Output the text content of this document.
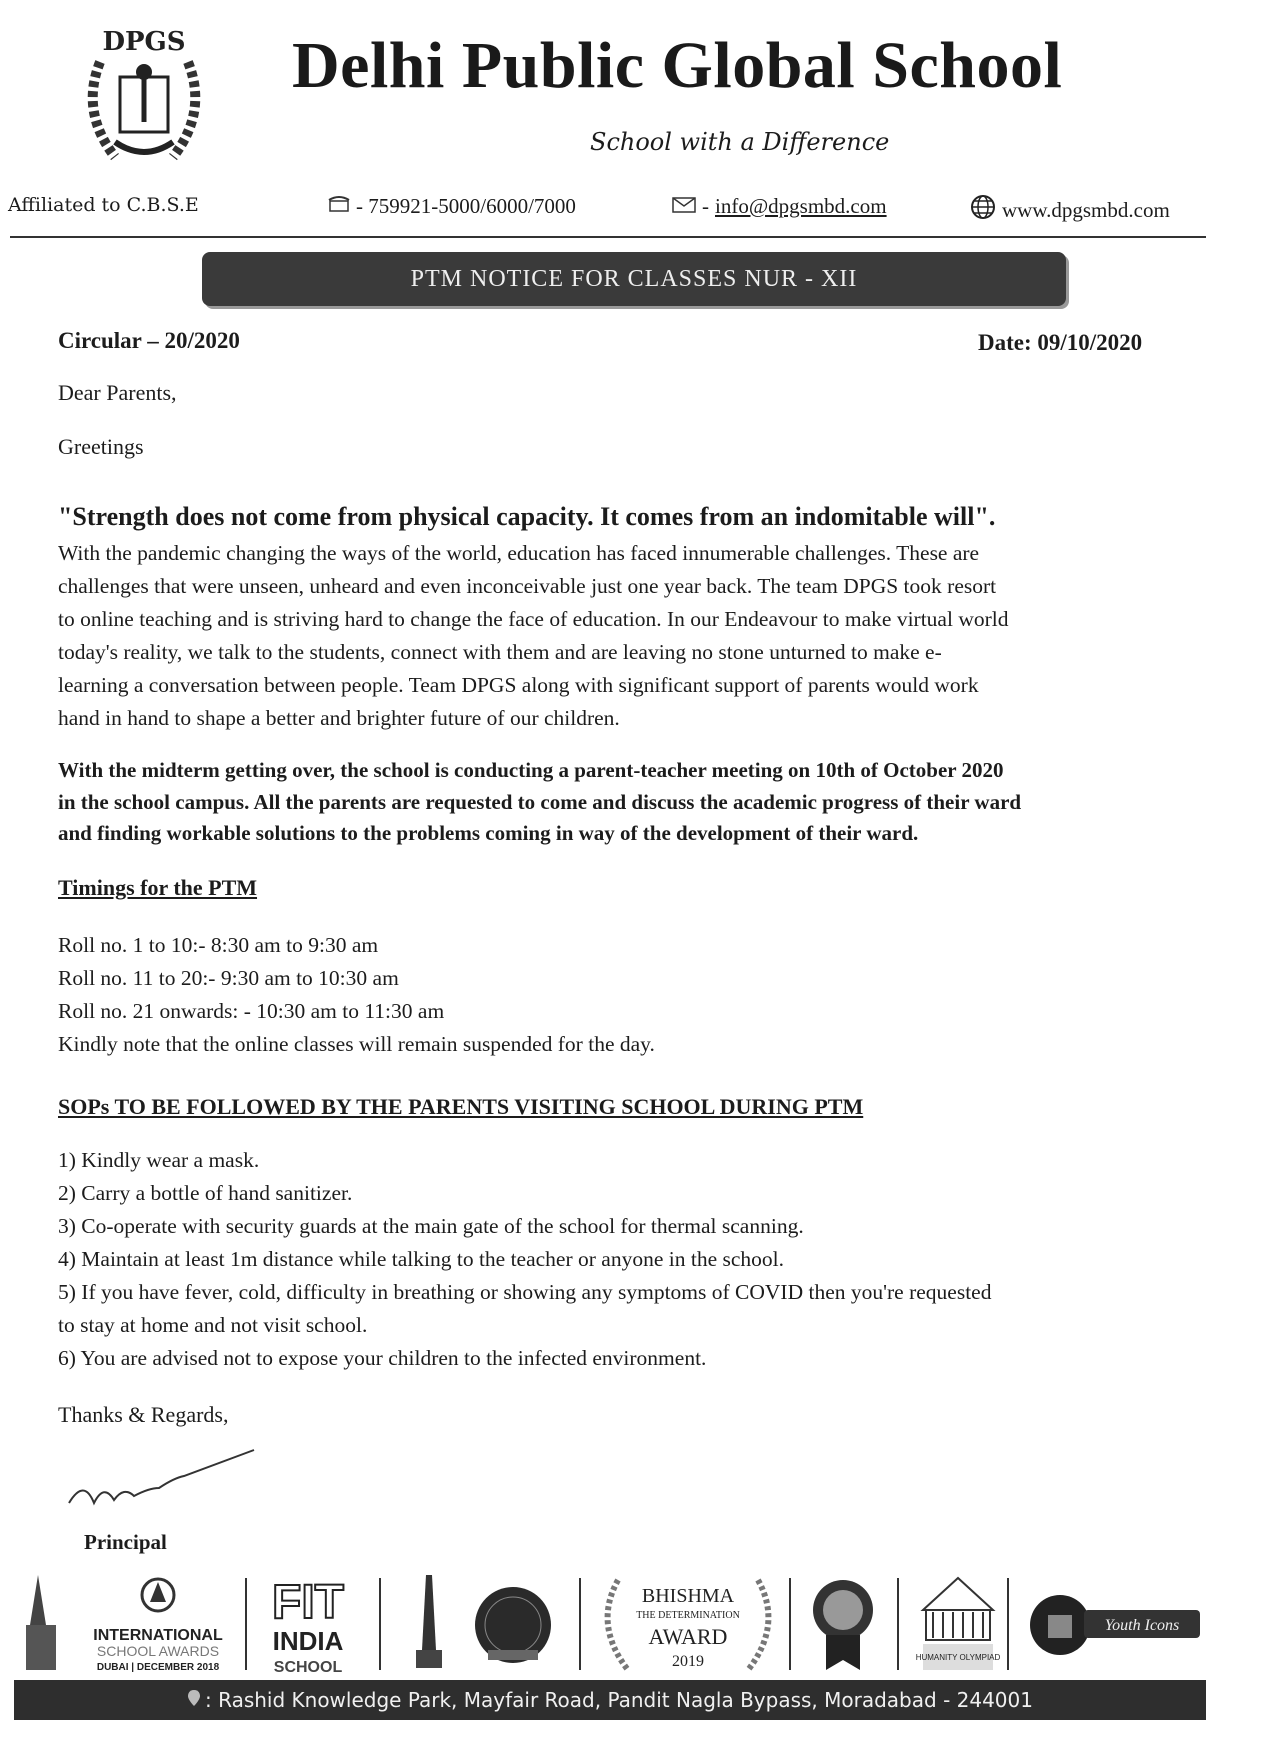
DPGS Delhi Public Global School
School with a Difference
Affiliated to C.B.S.E	- 759921-5000/6000/7000	- info@dpgsmbd.com	www.dpgsmbd.com
PTM NOTICE FOR CLASSES NUR - XII
Circular – 20/2020	Date: 09/10/2020
Dear Parents,
Greetings
"Strength does not come from physical capacity. It comes from an indomitable will".
With the pandemic changing the ways of the world, education has faced innumerable challenges. These are
challenges that were unseen, unheard and even inconceivable just one year back. The team DPGS took resort
to online teaching and is striving hard to change the face of education. In our Endeavour to make virtual world
today's reality, we talk to the students, connect with them and are leaving no stone unturned to make e-
learning a conversation between people. Team DPGS along with significant support of parents would work
hand in hand to shape a better and brighter future of our children.
With the midterm getting over, the school is conducting a parent-teacher meeting on 10th of October 2020
in the school campus. All the parents are requested to come and discuss the academic progress of their ward
and finding workable solutions to the problems coming in way of the development of their ward.
Timings for the PTM
Roll no. 1 to 10:- 8:30 am to 9:30 am
Roll no. 11 to 20:- 9:30 am to 10:30 am
Roll no. 21 onwards: - 10:30 am to 11:30 am
Kindly note that the online classes will remain suspended for the day.
SOPs TO BE FOLLOWED BY THE PARENTS VISITING SCHOOL DURING PTM
1) Kindly wear a mask.
2) Carry a bottle of hand sanitizer.
3) Co-operate with security guards at the main gate of the school for thermal scanning.
4) Maintain at least 1m distance while talking to the teacher or anyone in the school.
5) If you have fever, cold, difficulty in breathing or showing any symptoms of COVID then you're requested
to stay at home and not visit school.
6) You are advised not to expose your children to the infected environment.
Thanks & Regards,
Principal
INTERNATIONAL
SCHOOL AWARDS
DUBAI | DECEMBER 2018
FIT
INDIA
SCHOOL
BHISHMA
THE DETERMINATION
AWARD
2019	HUMANITY OLYMPIAD
Youth Icons
: Rashid Knowledge Park, Mayfair Road, Pandit Nagla Bypass, Moradabad - 244001
